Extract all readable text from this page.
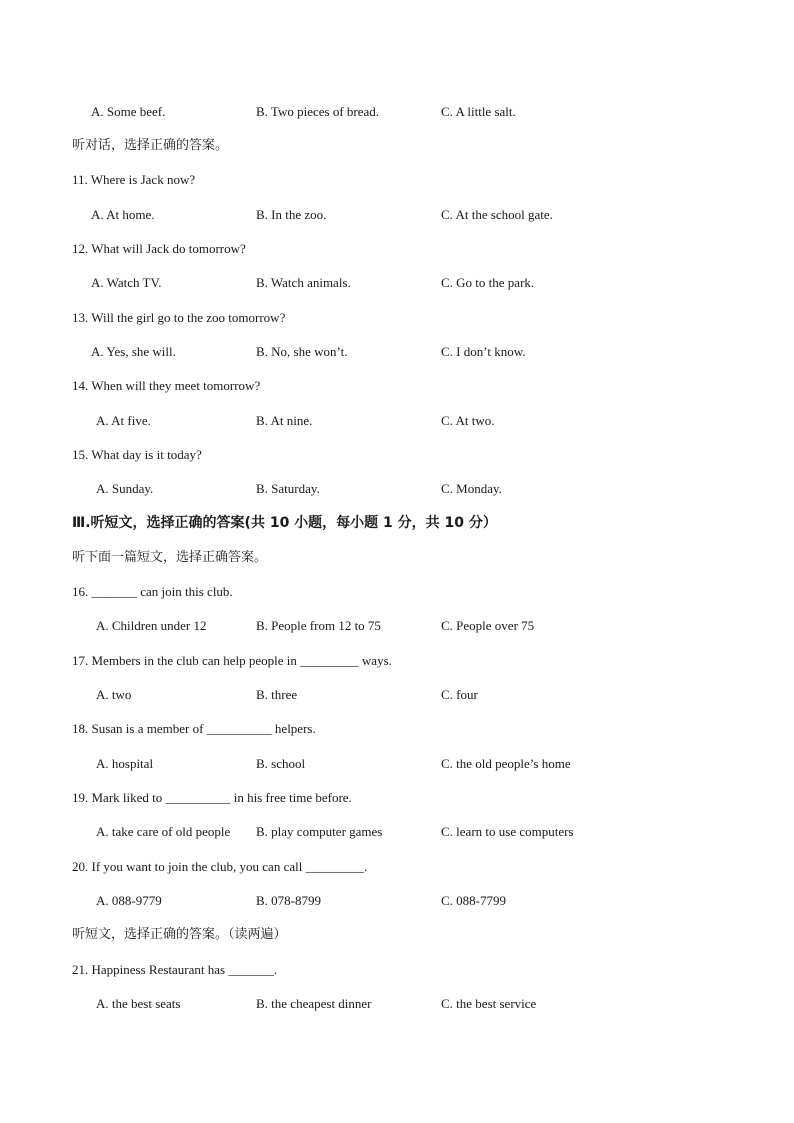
A. Some beef.	B. Two pieces of bread.	C. A little salt.
听对话，选择正确的答案。
11. Where is Jack now?
A. At home.	B. In the zoo.	C. At the school gate.
12. What will Jack do tomorrow?
A. Watch TV.	B. Watch animals.	C. Go to the park.
13. Will the girl go to the zoo tomorrow?
A. Yes, she will.	B. No, she won’t.	C. I don’t know.
14. When will they meet tomorrow?
A. At five.	B. At nine.	C. At two.
15. What day is it today?
A. Sunday.	B. Saturday.	C. Monday.
Ⅲ.听短文，选择正确的答案(共 10 小题，每小题 1 分，共 10 分）
听下面一篇短文，选择正确答案。
16. _______ can join this club.
A. Children under 12	B. People from 12 to 75	C. People over 75
17. Members in the club can help people in _________ ways.
A. two	B. three	C. four
18. Susan is a member of __________ helpers.
A. hospital	B. school	C. the old people’s home
19. Mark liked to __________ in his free time before.
A. take care of old people B. play computer games	C. learn to use computers
20. If you want to join the club, you can call _________.
A. 088-9779	B. 078-8799	C. 088-7799
听短文，选择正确的答案。（读两遍）
21. Happiness Restaurant has _______.
A. the best seats	B. the cheapest dinner	C. the best service
